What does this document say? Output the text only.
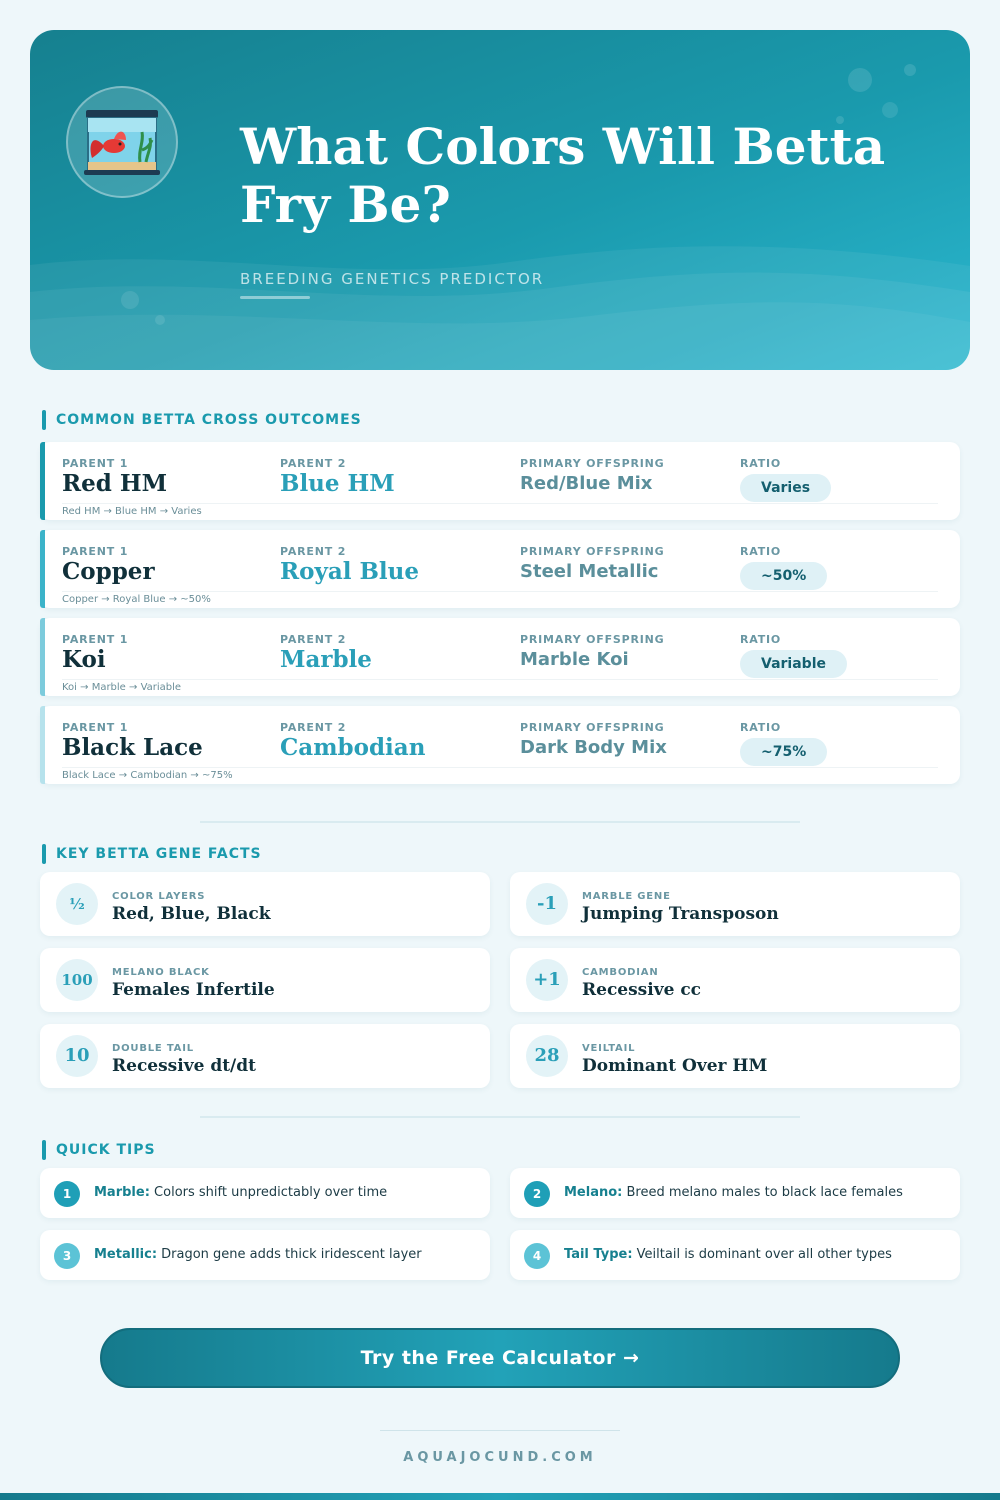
What Colors Will Betta Fry Be?
BREEDING GENETICS PREDICTOR
COMMON BETTA CROSS OUTCOMES
PARENT 1	PARENT 2	PRIMARY OFFSPRING	RATIO
Red HM	Blue HM	Red/Blue Mix	Varies
Red HM → Blue HM → Varies
PARENT 1	PARENT 2	PRIMARY OFFSPRING	RATIO
Copper	Royal Blue	Steel Metallic	~50%
Copper → Royal Blue → ~50%
PARENT 1	PARENT 2	PRIMARY OFFSPRING	RATIO
Koi	Marble	Marble Koi	Variable
Koi → Marble → Variable
PARENT 1	PARENT 2	PRIMARY OFFSPRING	RATIO
Black Lace	Cambodian	Dark Body Mix	~75%
Black Lace → Cambodian → ~75%
KEY BETTA GENE FACTS
½	COLOR LAYERS
Red, Blue, Black	-1	MARBLE GENE
Jumping Transposon
100	MELANO BLACK
Females Infertile	+1	CAMBODIAN
Recessive cc
10	DOUBLE TAIL
Recessive dt/dt	28	VEILTAIL
Dominant Over HM
QUICK TIPS
1	Marble: Colors shift unpredictably over time	2	Melano: Breed melano males to black lace females
3	Metallic: Dragon gene adds thick iridescent layer	4	Tail Type: Veiltail is dominant over all other types
Try the Free Calculator →
AQUAJOCUND.COM
